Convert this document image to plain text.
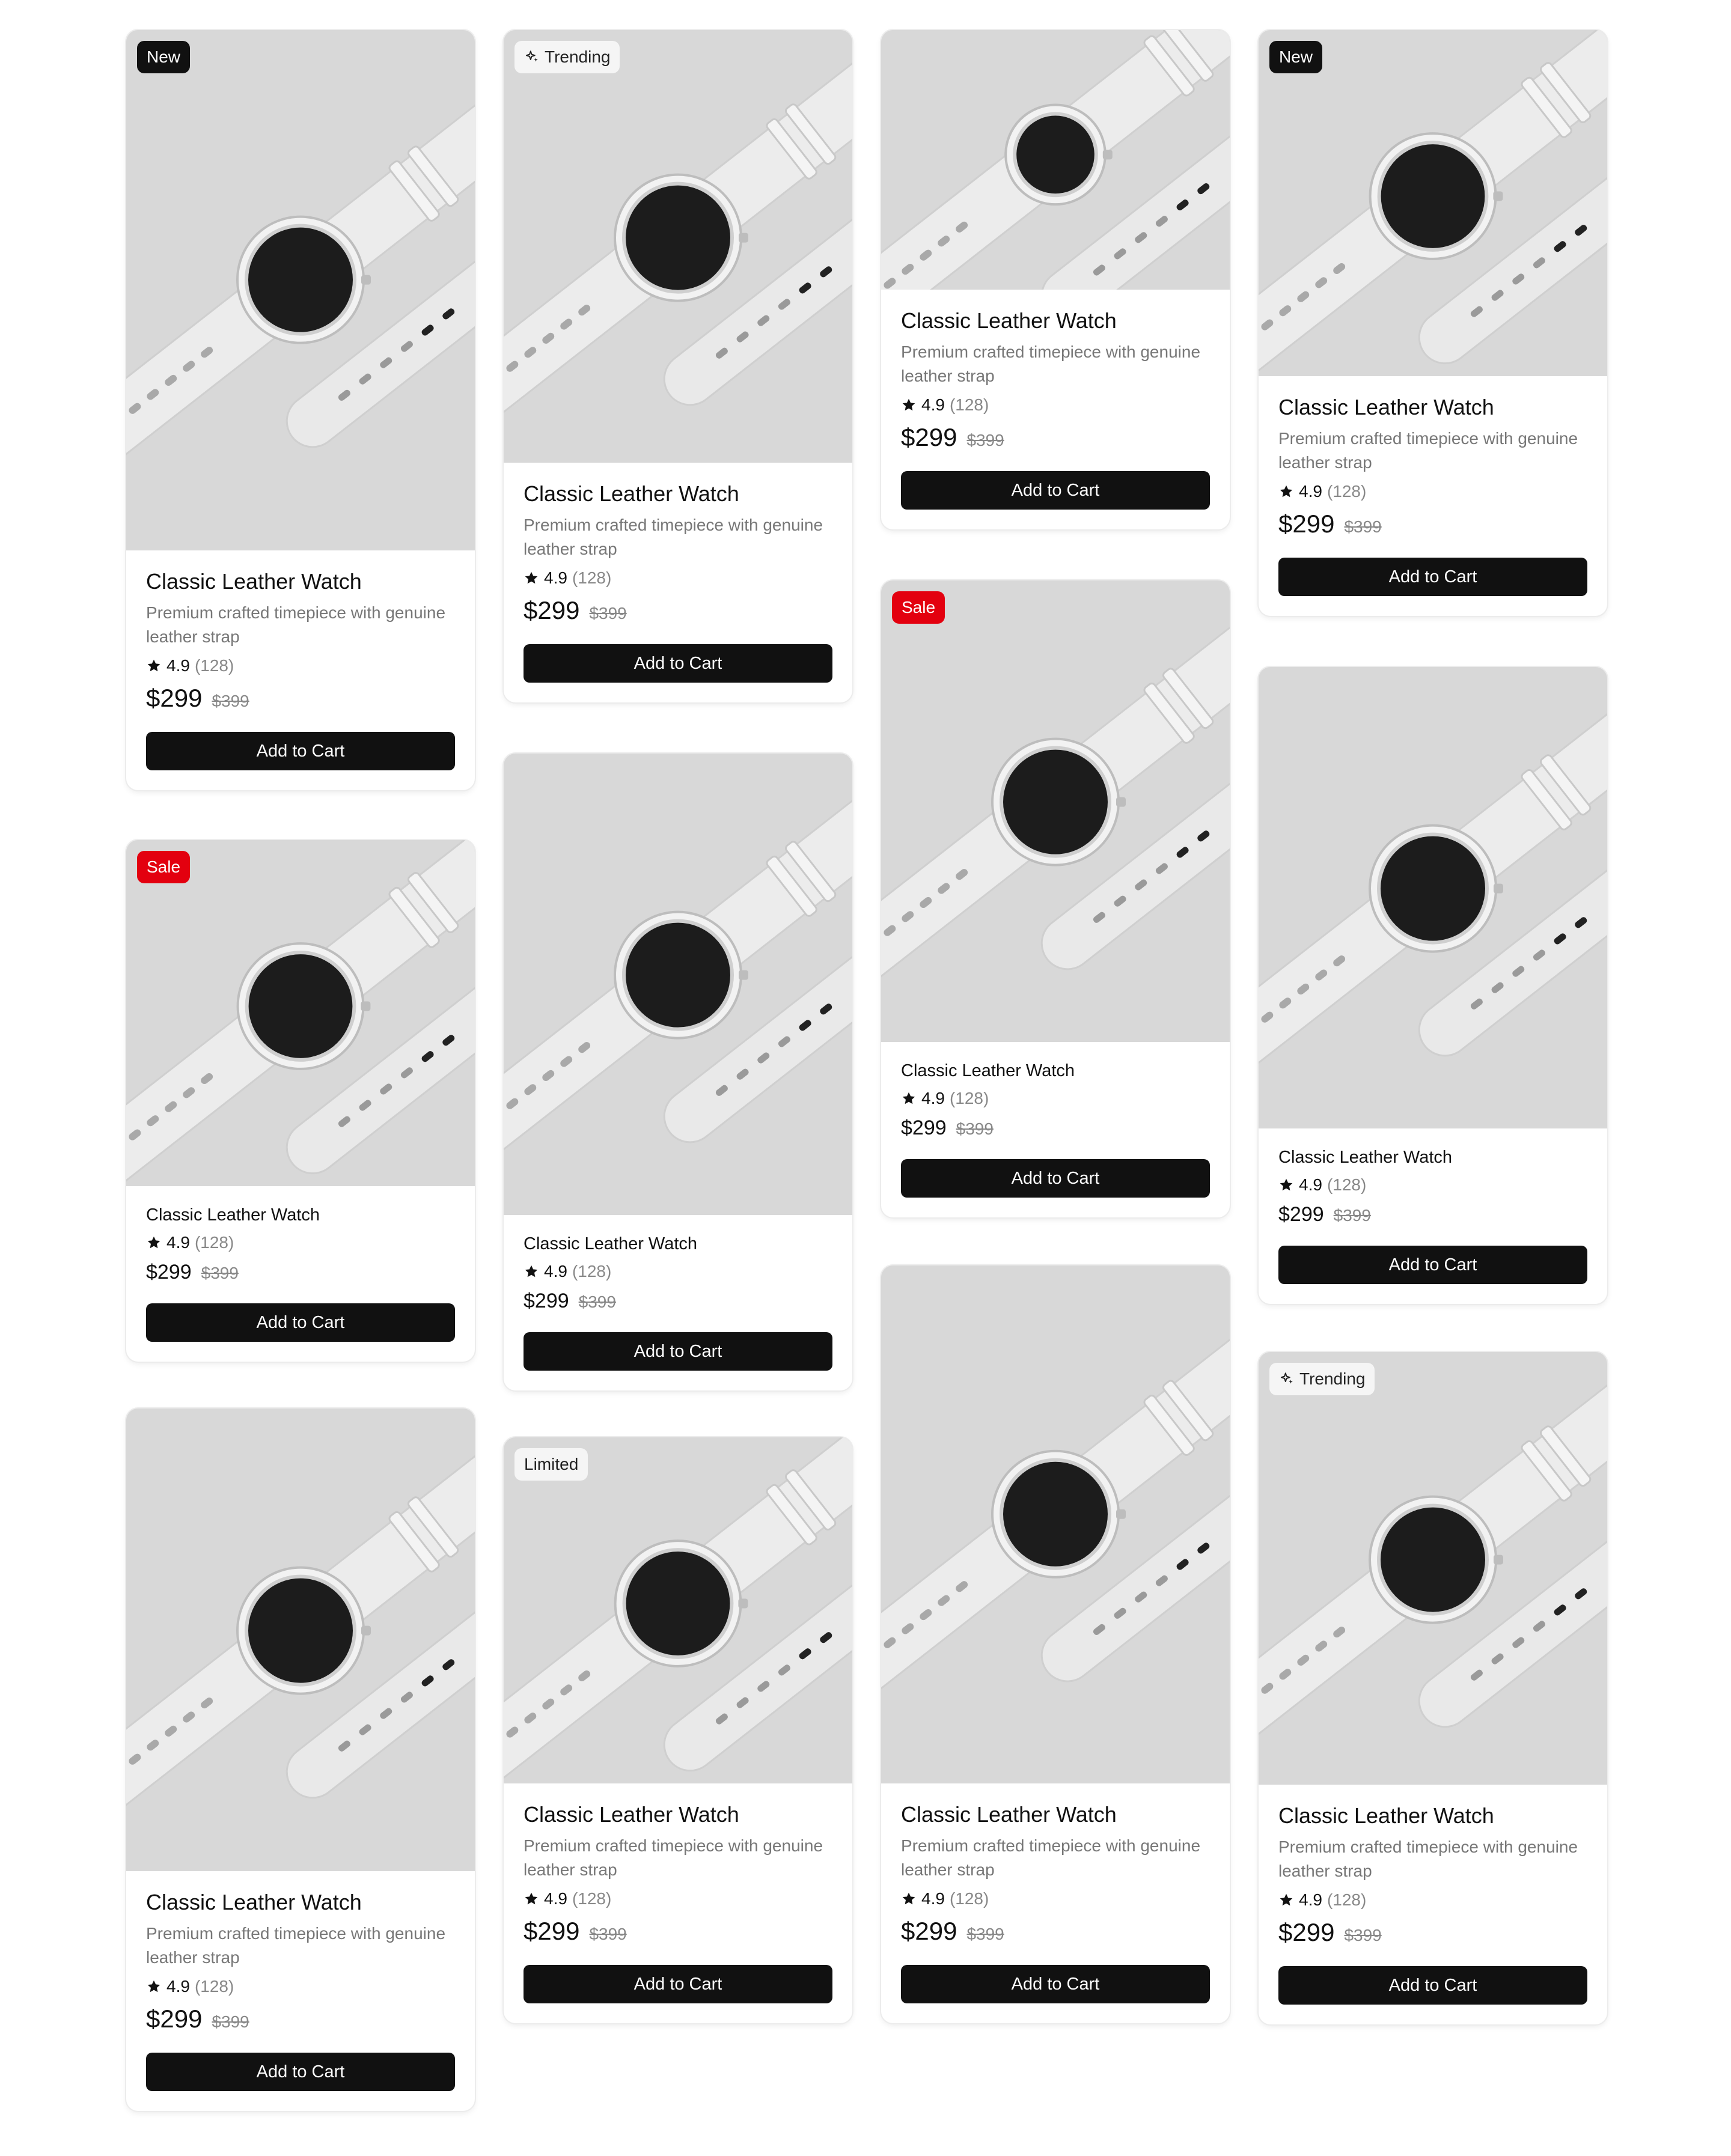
New
Classic Leather Watch
Premium crafted timepiece with genuine leather strap
4.9 (128)
$299 $399
Add to Cart
Sale
Classic Leather Watch
4.9 (128)
$299 $399
Add to Cart
Classic Leather Watch
Premium crafted timepiece with genuine leather strap
4.9 (128)
$299 $399
Add to Cart
Trending
Classic Leather Watch
Premium crafted timepiece with genuine leather strap
4.9 (128)
$299 $399
Add to Cart
Classic Leather Watch
4.9 (128)
$299 $399
Add to Cart
Limited
Classic Leather Watch
Premium crafted timepiece with genuine leather strap
4.9 (128)
$299 $399
Add to Cart
Classic Leather Watch
Premium crafted timepiece with genuine leather strap
4.9 (128)
$299 $399
Add to Cart
Sale
Classic Leather Watch
4.9 (128)
$299 $399
Add to Cart
Classic Leather Watch
Premium crafted timepiece with genuine leather strap
4.9 (128)
$299 $399
Add to Cart
New
Classic Leather Watch
Premium crafted timepiece with genuine leather strap
4.9 (128)
$299 $399
Add to Cart
Classic Leather Watch
4.9 (128)
$299 $399
Add to Cart
Trending
Classic Leather Watch
Premium crafted timepiece with genuine leather strap
4.9 (128)
$299 $399
Add to Cart
